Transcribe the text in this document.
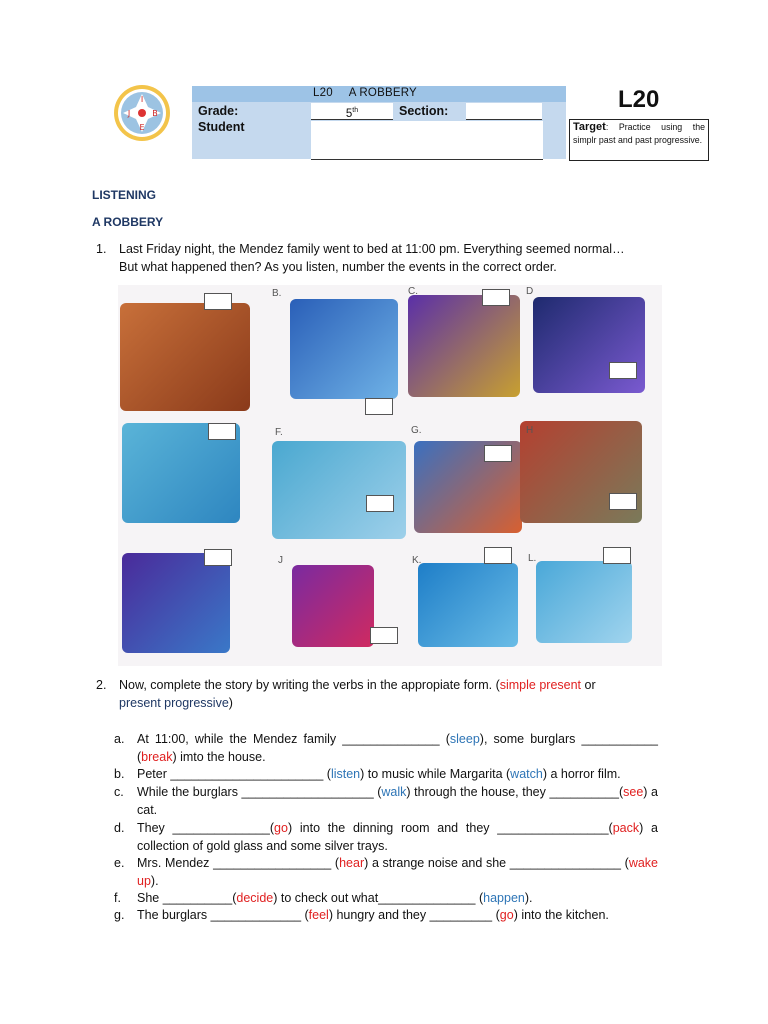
I
J	B
E
L20 A ROBBERY
Grade:	5th	Section:
Student
L20
Target: Practice using the simplr past and past progressive.
LISTENING
A ROBBERY
1. Last Friday night, the Mendez family went to bed at 11:00 pm. Everything seemed normal…
But what happened then? As you listen, number the events in the correct order.
B.	C.	D
F.	G.	H
J	K.	L.
2. Now, complete the story by writing the verbs in the appropiate form. (simple present or
present progressive)
a. At 11:00, while the Mendez family ______________ (sleep), some burglars ___________ (break) imto the house.
b. Peter ______________________ (listen) to music while Margarita (watch) a horror film.
c. While the burglars ___________________ (walk) through the house, they __________(see) a cat.
d. They ______________(go) into the dinning room and they ________________(pack) a collection of gold glass and some silver trays.
e. Mrs. Mendez _________________ (hear) a strange noise and she ________________ (wake up).
f. She __________(decide) to check out what______________ (happen).
g. The burglars _____________ (feel) hungry and they _________ (go) into the kitchen.
